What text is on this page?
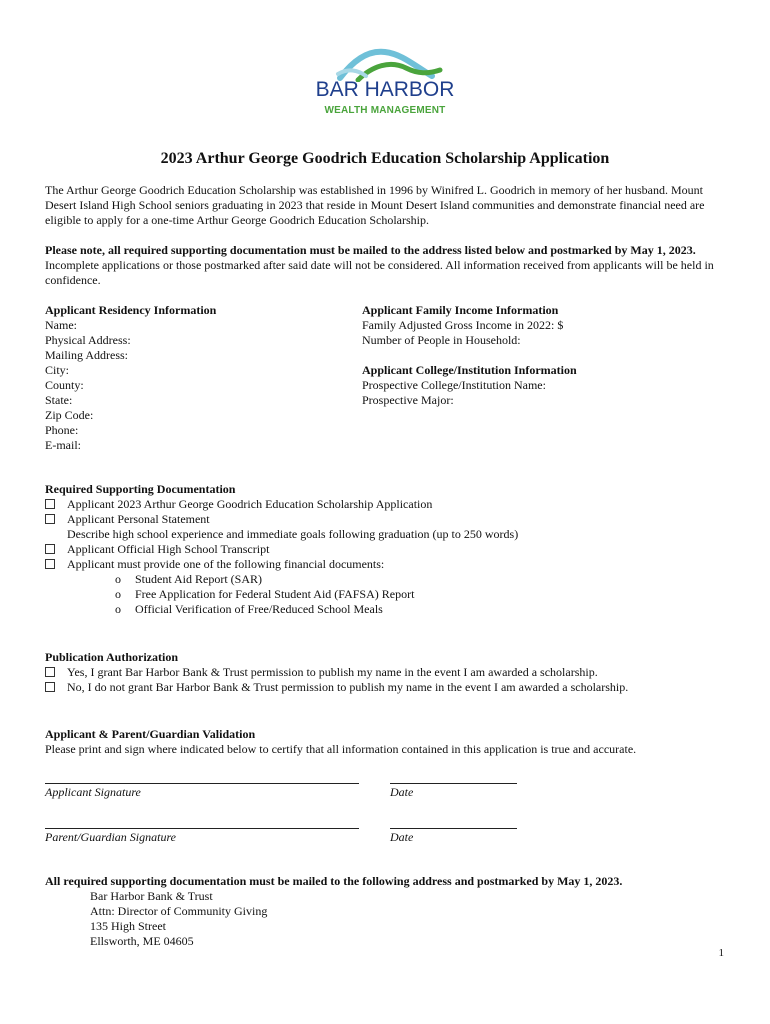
BAR HARBOR
WEALTH MANAGEMENT
2023 Arthur George Goodrich Education Scholarship Application
The Arthur George Goodrich Education Scholarship was established in 1996 by Winifred L. Goodrich in memory of her husband. Mount Desert Island High School seniors graduating in 2023 that reside in Mount Desert Island communities and demonstrate financial need are eligible to apply for a one-time Arthur George Goodrich Education Scholarship.
Please note, all required supporting documentation must be mailed to the address listed below and postmarked by May 1, 2023. Incomplete applications or those postmarked after said date will not be considered. All information received from applicants will be held in confidence.
Applicant Residency Information
Name:
Physical Address:
Mailing Address:
City:
County:
State:
Zip Code:
Phone:
E-mail:
Applicant Family Income Information
Family Adjusted Gross Income in 2022: $
Number of People in Household:
Applicant College/Institution Information
Prospective College/Institution Name:
Prospective Major:
Required Supporting Documentation
Applicant 2023 Arthur George Goodrich Education Scholarship Application
Applicant Personal Statement
Describe high school experience and immediate goals following graduation (up to 250 words)
Applicant Official High School Transcript
Applicant must provide one of the following financial documents:
o Student Aid Report (SAR)
o Free Application for Federal Student Aid (FAFSA) Report
o Official Verification of Free/Reduced School Meals
Publication Authorization
Yes, I grant Bar Harbor Bank & Trust permission to publish my name in the event I am awarded a scholarship.
No, I do not grant Bar Harbor Bank & Trust permission to publish my name in the event I am awarded a scholarship.
Applicant & Parent/Guardian Validation
Please print and sign where indicated below to certify that all information contained in this application is true and accurate.
Applicant Signature	Date
Parent/Guardian Signature	Date
All required supporting documentation must be mailed to the following address and postmarked by May 1, 2023.
Bar Harbor Bank & Trust
Attn: Director of Community Giving
135 High Street
Ellsworth, ME 04605
1
